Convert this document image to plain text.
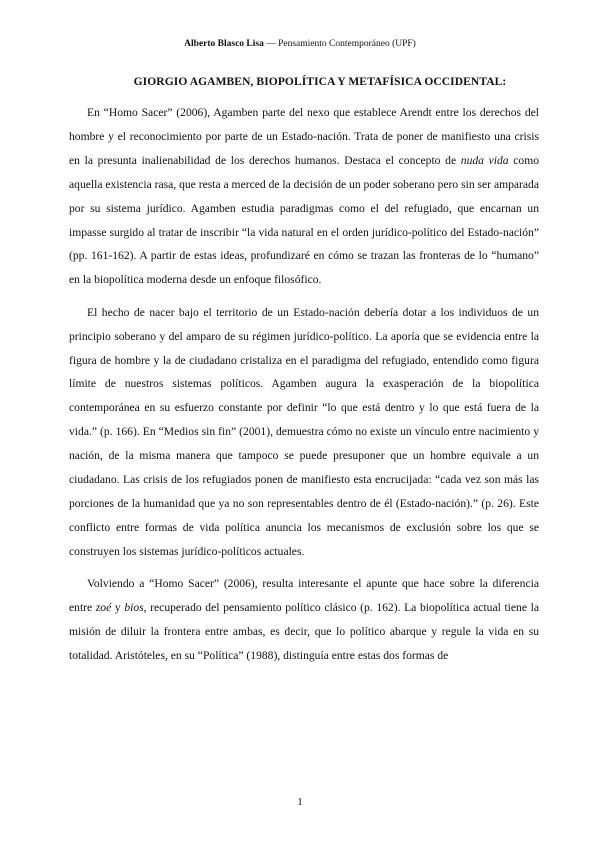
Alberto Blasco Lisa — Pensamiento Contemporáneo (UPF)
GIORGIO AGAMBEN, BIOPOLÍTICA Y METAFÍSICA OCCIDENTAL:

En “Homo Sacer” (2006), Agamben parte del nexo que establece Arendt entre los derechos del hombre y el reconocimiento por parte de un Estado-nación. Trata de poner de manifiesto una crisis en la presunta inalienabilidad de los derechos humanos. Destaca el concepto de nuda vida como aquella existencia rasa, que resta a merced de la decisión de un poder soberano pero sin ser amparada por su sistema jurídico. Agamben estudia paradigmas como el del refugiado, que encarnan un impasse surgido al tratar de inscribir “la vida natural en el orden jurídico-político del Estado-nación” (pp. 161-162). A partir de estas ideas, profundizaré en cómo se trazan las fronteras de lo “humano” en la biopolítica moderna desde un enfoque filosófico.

El hecho de nacer bajo el territorio de un Estado-nación debería dotar a los individuos de un principio soberano y del amparo de su régimen jurídico-político. La aporía que se evidencia entre la figura de hombre y la de ciudadano cristaliza en el paradigma del refugiado, entendido como figura límite de nuestros sistemas políticos. Agamben augura la exasperación de la biopolítica contemporánea en su esfuerzo constante por definir “lo que está dentro y lo que está fuera de la vida.” (p. 166). En “Medios sin fin” (2001), demuestra cómo no existe un vínculo entre nacimiento y nación, de la misma manera que tampoco se puede presuponer que un hombre equivale a un ciudadano. Las crisis de los refugiados ponen de manifiesto esta encrucijada: “cada vez son más las porciones de la humanidad que ya no son representables dentro de él (Estado-nación).” (p. 26). Este conflicto entre formas de vida política anuncia los mecanismos de exclusión sobre los que se construyen los sistemas jurídico-políticos actuales.

Volviendo a “Homo Sacer” (2006), resulta interesante el apunte que hace sobre la diferencia entre zoé y bios, recuperado del pensamiento político clásico (p. 162). La biopolítica actual tiene la misión de diluir la frontera entre ambas, es decir, que lo político abarque y regule la vida en su totalidad. Aristóteles, en su “Política” (1988), distinguía entre estas dos formas de

1
